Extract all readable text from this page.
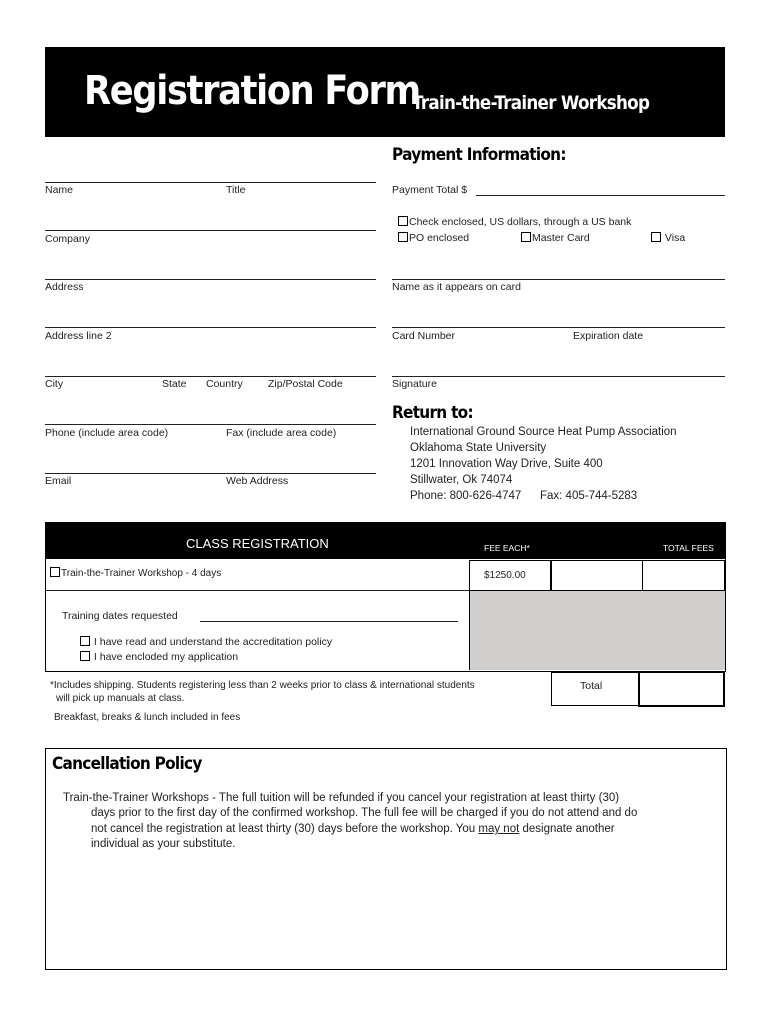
Registration Form
Train-the-Trainer Workshop
Name	Title
Company
Address
Address line 2
City	State Country Zip/Postal Code
Phone (include area code)	Fax (include area code)
Email	Web Address
Payment Information:
Payment Total $
Check enclosed, US dollars, through a US bank
PO enclosed	Master Card	Visa
Name as it appears on card
Card Number	Expiration date
Signature
Return to:
International Ground Source Heat Pump Association
Oklahoma State University
1201 Innovation Way Drive, Suite 400
Stillwater, Ok 74074
Phone: 800-626-4747 Fax: 405-744-5283
CLASS REGISTRATION	FEE EACH*	TOTAL FEES
Train-the-Trainer Workshop - 4 days	$1250.00
Training dates requested
I have read and understand the accreditation policy
I have encloded my application
Total
*Includes shipping. Students registering less than 2 weeks prior to class & international students
will pick up manuals at class.
Breakfast, breaks & lunch included in fees
Cancellation Policy
Train-the-Trainer Workshops - The full tuition will be refunded if you cancel your registration at least thirty (30)
days prior to the first day of the confirmed workshop. The full fee will be charged if you do not attend and do
not cancel the registration at least thirty (30) days before the workshop. You may not designate another
individual as your substitute.
